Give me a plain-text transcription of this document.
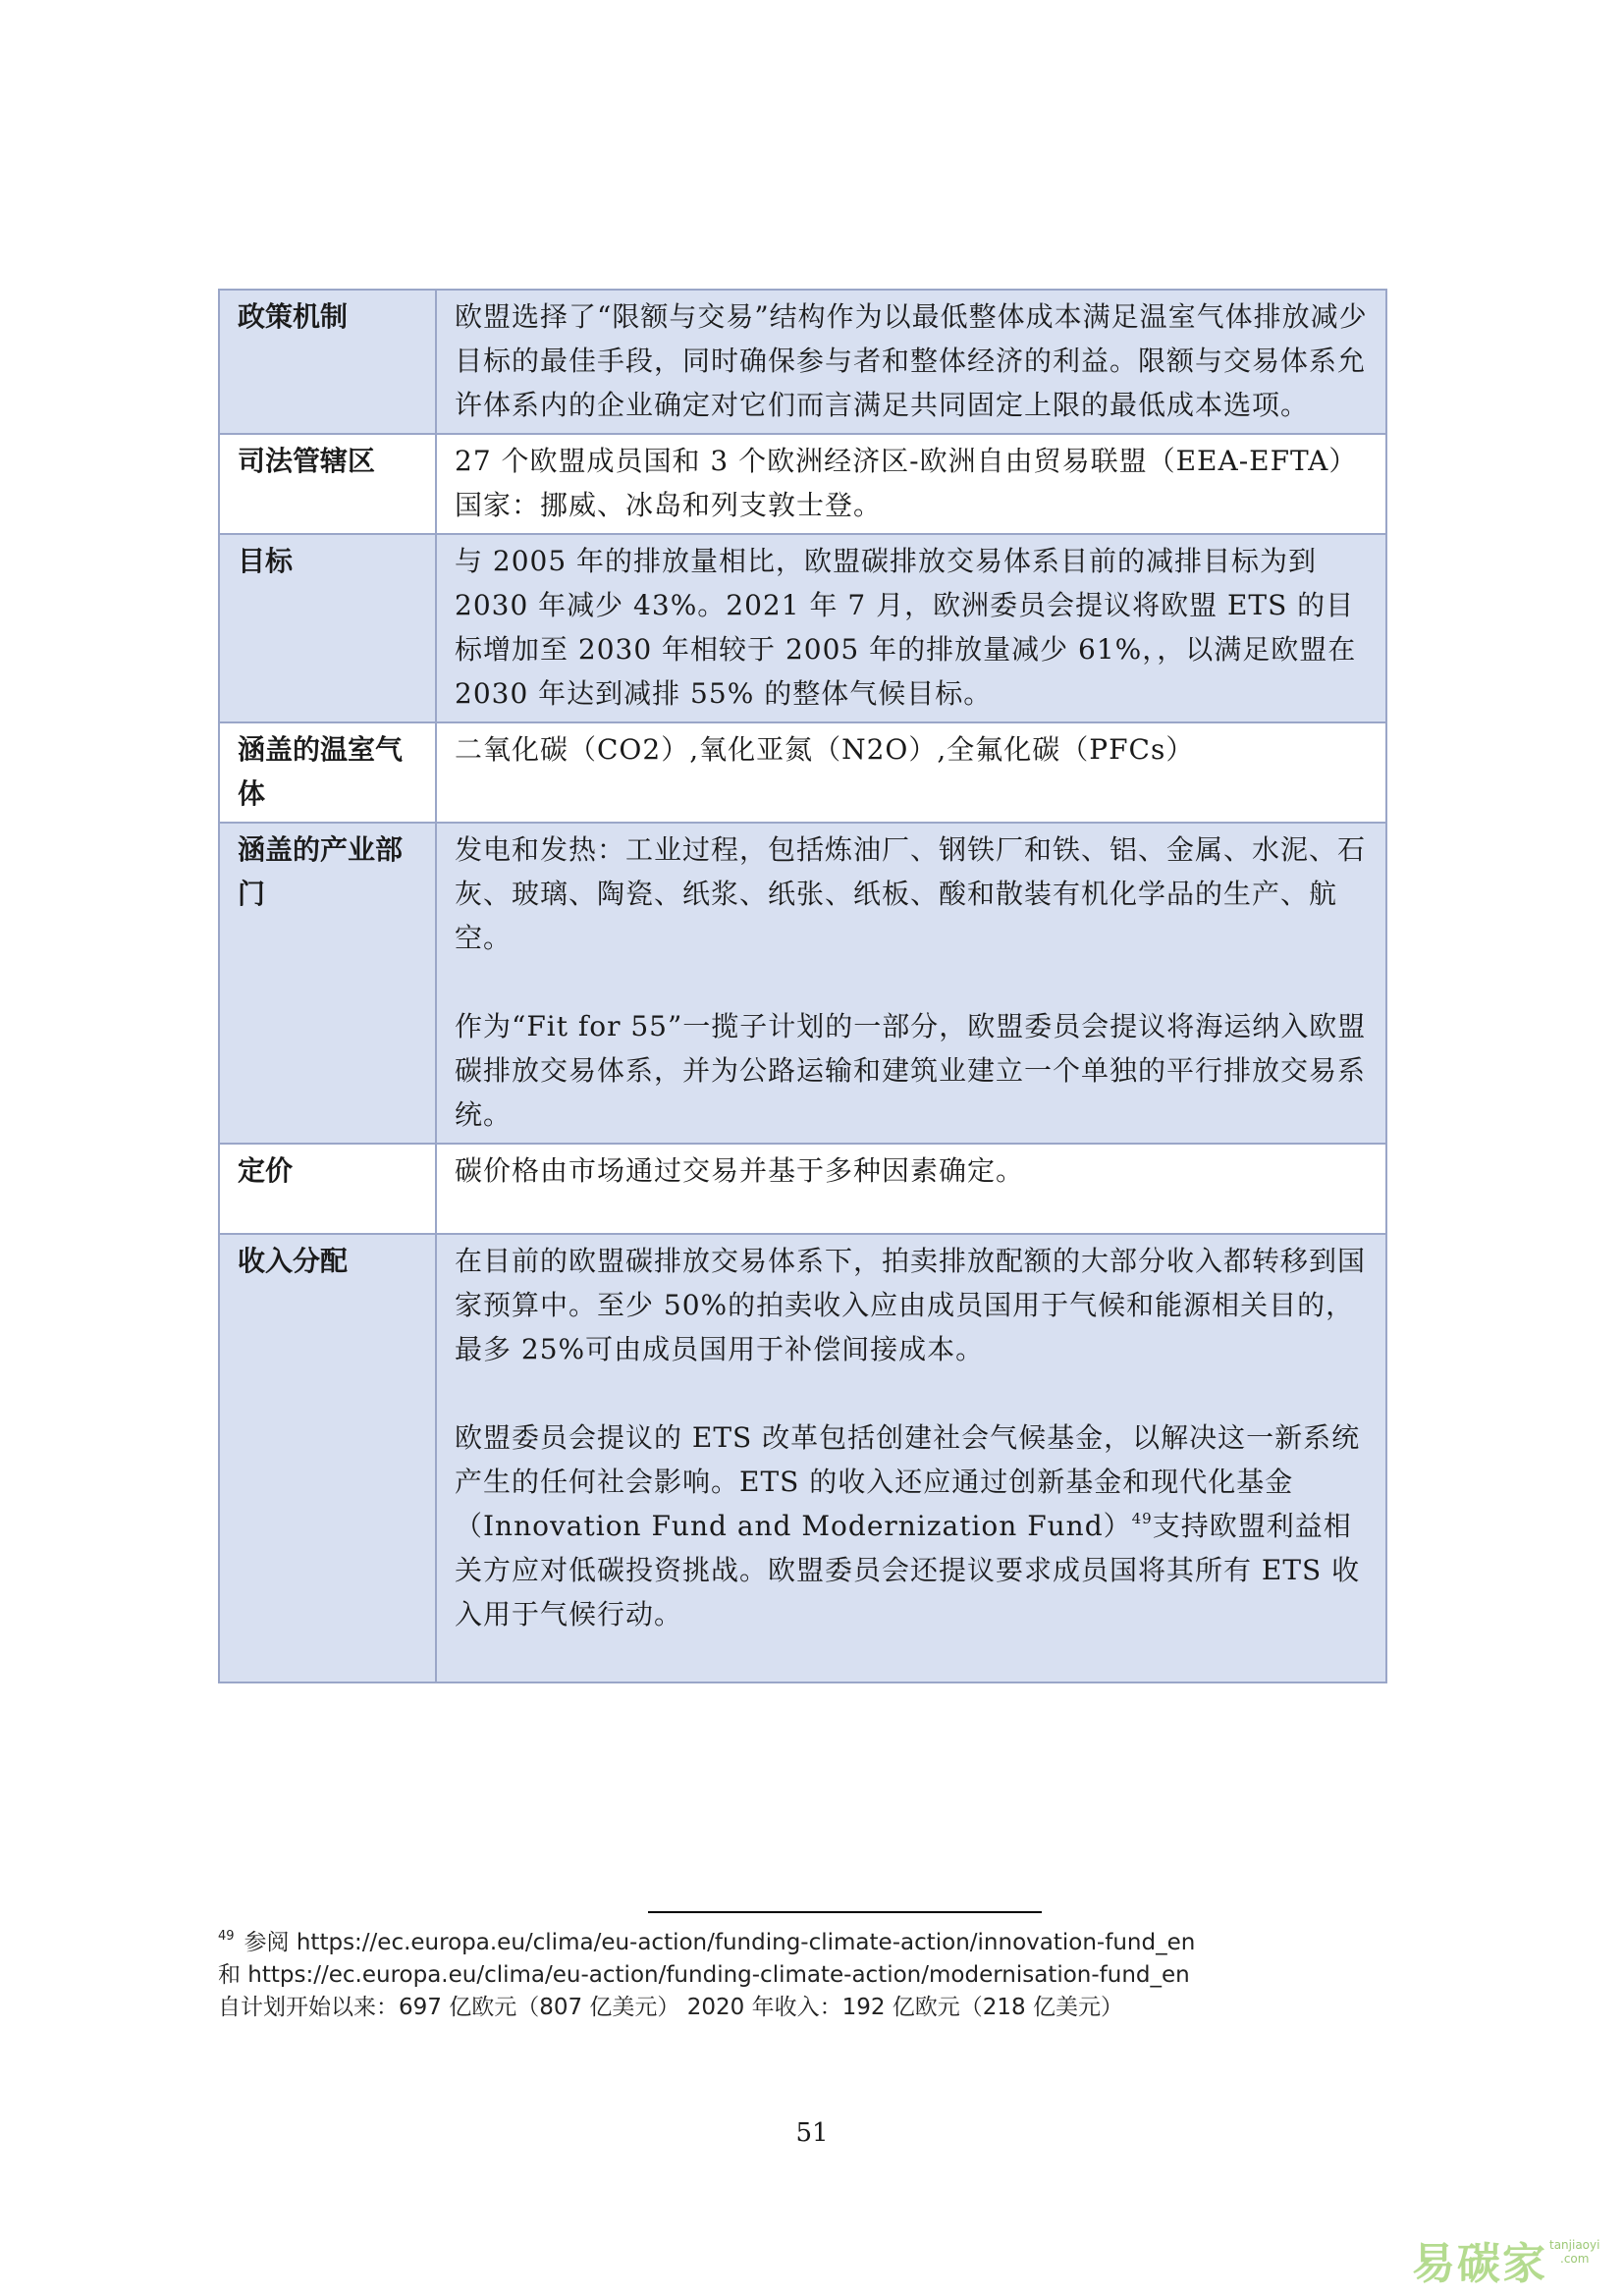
政策机制	欧盟选择了“限额与交易”结构作为以最低整体成本满足温室气体排放减少目标的最佳手段，同时确保参与者和整体经济的利益。限额与交易体系允许体系内的企业确定对它们而言满足共同固定上限的最低成本选项。

司法管辖区	27 个欧盟成员国和 3 个欧洲经济区-欧洲自由贸易联盟（EEA-EFTA）国家：挪威、冰岛和列支敦士登。

目标	与 2005 年的排放量相比，欧盟碳排放交易体系目前的减排目标为到 2030 年减少 43%。2021 年 7 月，欧洲委员会提议将欧盟 ETS 的目标增加至 2030 年相较于 2005 年的排放量减少 61%，，以满足欧盟在 2030 年达到减排 55% 的整体气候目标。

涵盖的温室气体	二氧化碳（CO2）,氧化亚氮（N2O）,全氟化碳（PFCs）

涵盖的产业部门	发电和发热：工业过程，包括炼油厂、钢铁厂和铁、铝、金属、水泥、石灰、玻璃、陶瓷、纸浆、纸张、纸板、酸和散装有机化学品的生产、航空。

作为“Fit for 55”一揽子计划的一部分，欧盟委员会提议将海运纳入欧盟碳排放交易体系，并为公路运输和建筑业建立一个单独的平行排放交易系统。

定价	碳价格由市场通过交易并基于多种因素确定。

收入分配	在目前的欧盟碳排放交易体系下，拍卖排放配额的大部分收入都转移到国家预算中。至少 50%的拍卖收入应由成员国用于气候和能源相关目的，最多 25%可由成员国用于补偿间接成本。

欧盟委员会提议的 ETS 改革包括创建社会气候基金，以解决这一新系统产生的任何社会影响。ETS 的收入还应通过创新基金和现代化基金（Innovation Fund and Modernization Fund）$^{49}$支持欧盟利益相关方应对低碳投资挑战。欧盟委员会还提议要求成员国将其所有 ETS 收入用于气候行动。

$^{49}$ 参阅 https://ec.europa.eu/clima/eu-action/funding-climate-action/innovation-fund_en
和 https://ec.europa.eu/clima/eu-action/funding-climate-action/modernisation-fund_en
自计划开始以来：697 亿欧元（807 亿美元） 2020 年收入：192 亿欧元（218 亿美元）
51
易碳家 tanjiaoyi
.com
